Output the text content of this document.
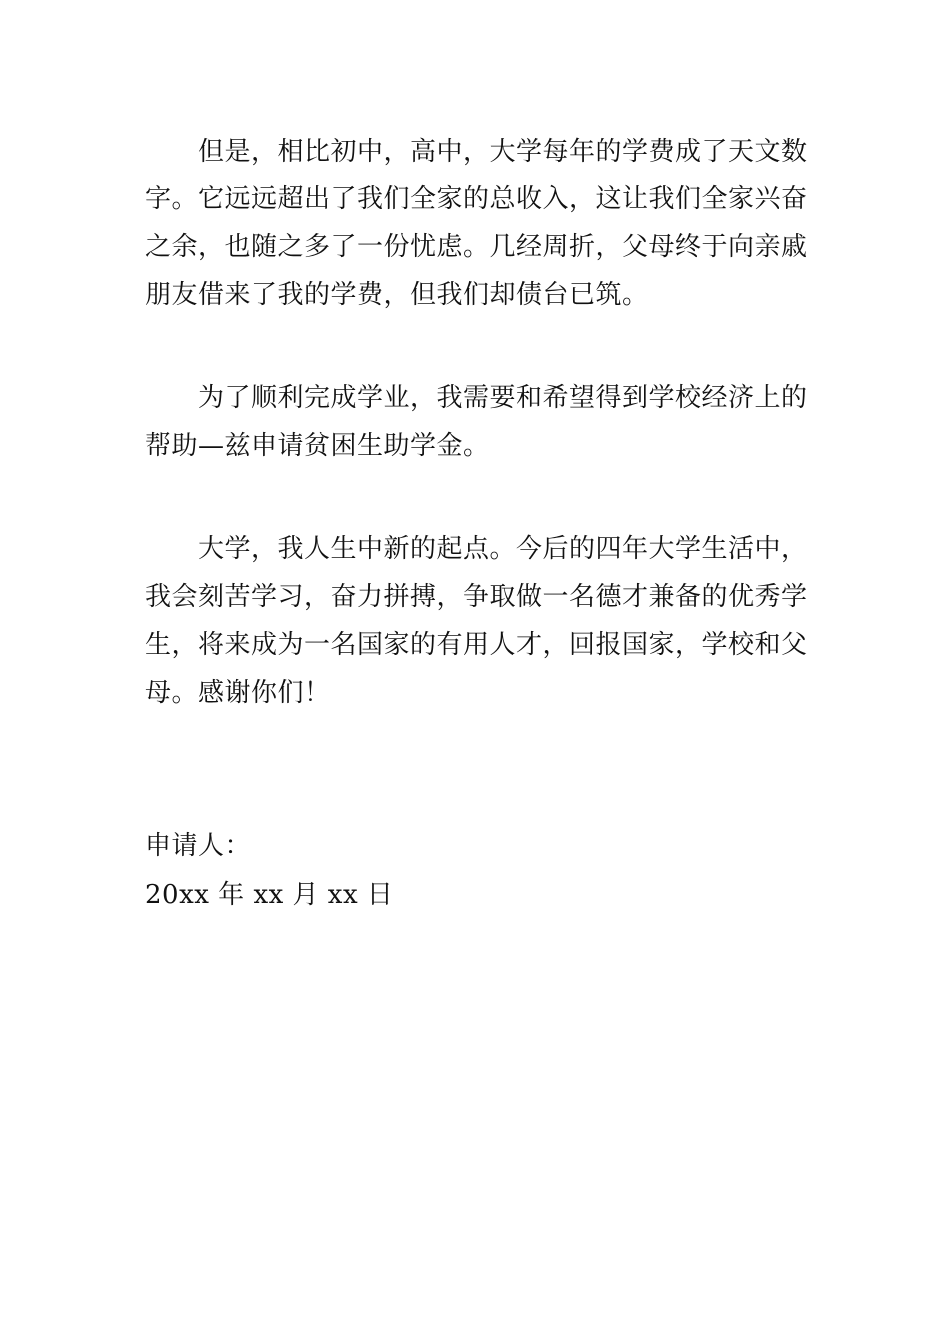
但是，相比初中，高中，大学每年的学费成了天文数
字。它远远超出了我们全家的总收入，这让我们全家兴奋
之余，也随之多了一份忧虑。几经周折，父母终于向亲戚
朋友借来了我的学费，但我们却债台已筑。
为了顺利完成学业，我需要和希望得到学校经济上的
帮助—兹申请贫困生助学金。
大学，我人生中新的起点。今后的四年大学生活中，
我会刻苦学习，奋力拼搏，争取做一名德才兼备的优秀学
生，将来成为一名国家的有用人才，回报国家，学校和父
母。感谢你们！
申请人：
20xx 年 xx 月 xx 日
